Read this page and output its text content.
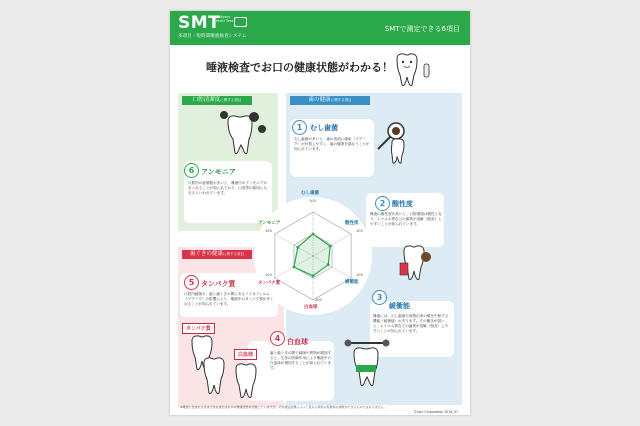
SMT
Salivary Multi Test
多項目・短時間唾液検査システム
SMTで測定できる6項目
唾液検査でお口の健康状態がわかる！
歯の健康に関する項目
口腔清潔度に関する項目
歯ぐきの健康に関する項目
1	むし歯菌
むし歯菌が多いと、歯の表面に歯垢（プラーク）が付着しやすく、歯の健康を損なうことが知られています。
2 酸性度
唾液の酸性度が高いと、口腔環境は酸性となり、エナメル質などの歯質が溶解（脱灰）しやすいことが知られています。
3
緩衝能
唾液には、むし歯菌や食物由来の酸を中和する機能（緩衝能）があります。その働きが弱いと、エナメル質などの歯質が溶解（脱灰）しやすいことが知られています。
4 白血球
歯と歯ぐきの間で細菌や異物が増加すると、生体の防御作用により唾液中の白血球が増加することが知られています。
白血球
5 タンパク質
口腔内細菌や、歯と歯ぐきの間にあるバイオフィルム（プラーク）の影響により、唾液中のタンパク質が多くなることが知られています。
タンパク質
6 アンモニア
口腔内の総菌数が多いと、唾液中のアンモニアが多くなることが知られており、口臭等の原因にもなるといわれています。	むし歯菌
酸性度
緩衝能
白血球
タンパク質
アンモニア
100
100
100
100
100
100
※唾液に含まれるさまざまな成分はお口の健康状態を反映していますが、その測定結果によって直ちに病気の有無等の診断ができるものではありません。
©Lion Corporation 2016_07
